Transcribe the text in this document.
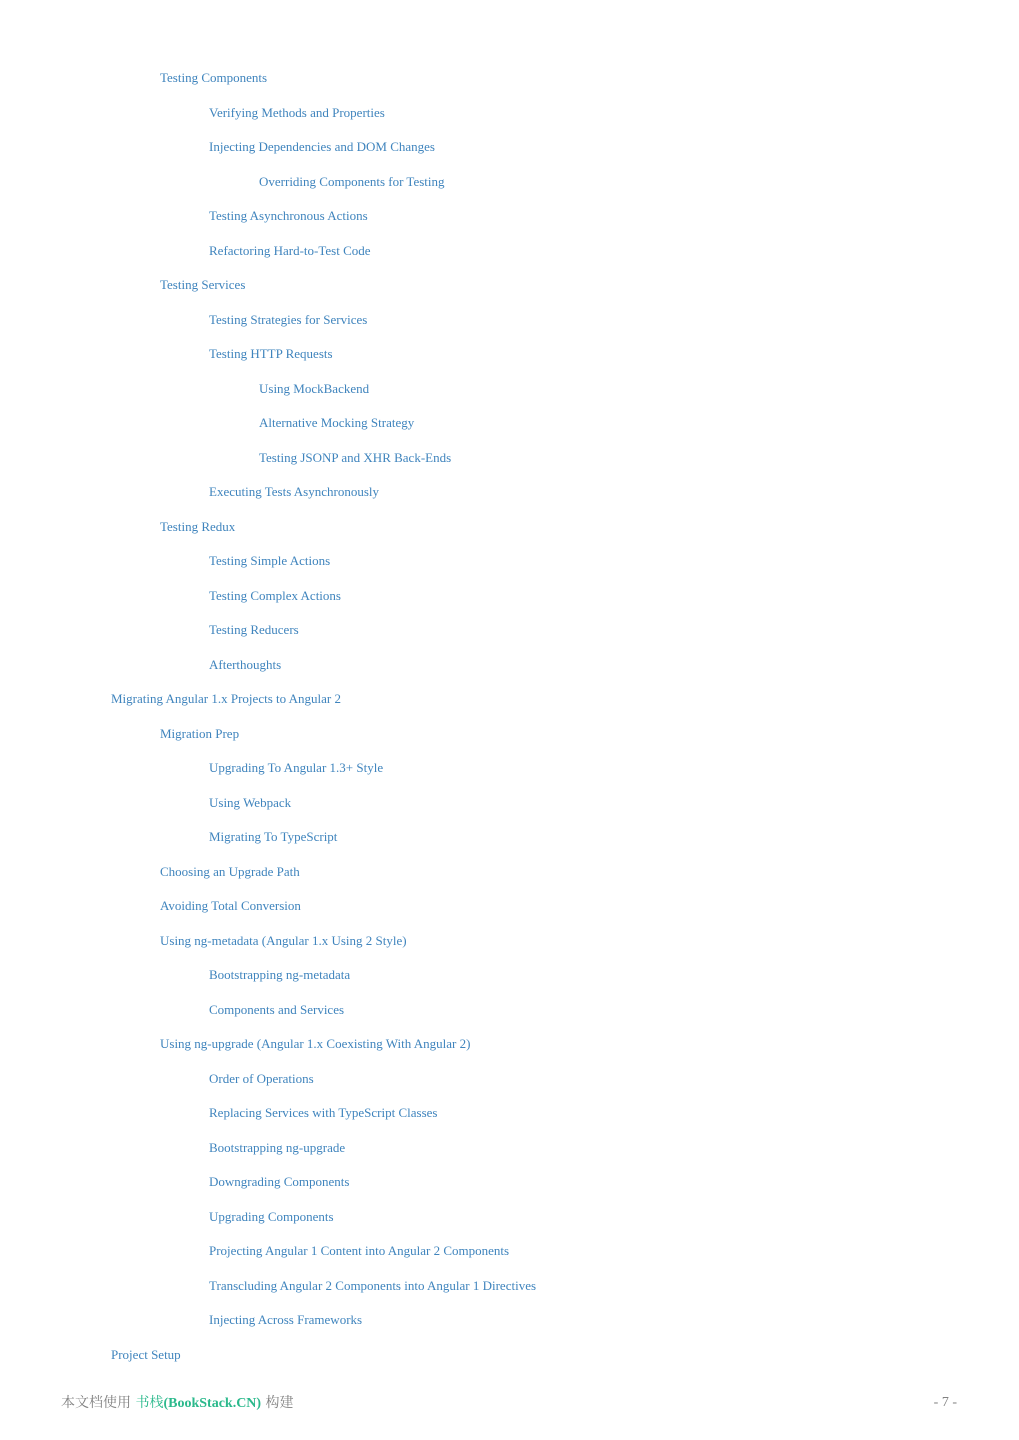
Testing Components
Verifying Methods and Properties
Injecting Dependencies and DOM Changes
Overriding Components for Testing
Testing Asynchronous Actions
Refactoring Hard-to-Test Code
Testing Services
Testing Strategies for Services
Testing HTTP Requests
Using MockBackend
Alternative Mocking Strategy
Testing JSONP and XHR Back-Ends
Executing Tests Asynchronously
Testing Redux
Testing Simple Actions
Testing Complex Actions
Testing Reducers
Afterthoughts
Migrating Angular 1.x Projects to Angular 2
Migration Prep
Upgrading To Angular 1.3+ Style
Using Webpack
Migrating To TypeScript
Choosing an Upgrade Path
Avoiding Total Conversion
Using ng-metadata (Angular 1.x Using 2 Style)
Bootstrapping ng-metadata
Components and Services
Using ng-upgrade (Angular 1.x Coexisting With Angular 2)
Order of Operations
Replacing Services with TypeScript Classes
Bootstrapping ng-upgrade
Downgrading Components
Upgrading Components
Projecting Angular 1 Content into Angular 2 Components
Transcluding Angular 2 Components into Angular 1 Directives
Injecting Across Frameworks
Project Setup
本文档使用 书栈(BookStack.CN) 构建	- 7 -
